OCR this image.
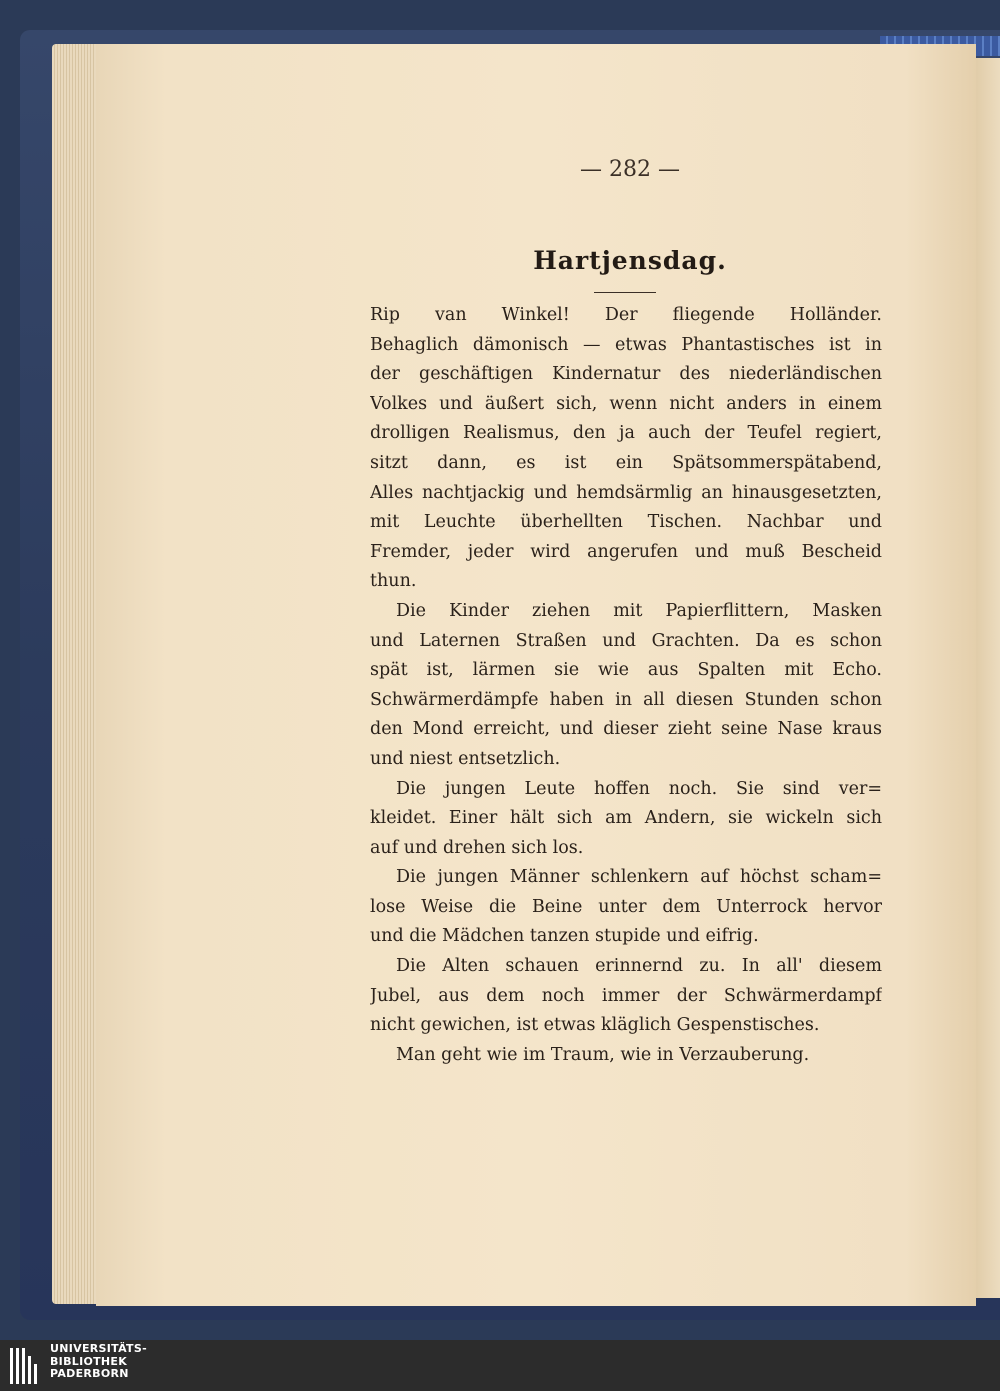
— 282 —
Hartjensdag.
Rip van Winkel! Der fliegende Holländer.
Behaglich dämonisch — etwas Phantastisches ist in
der geschäftigen Kindernatur des niederländischen
Volkes und äußert sich, wenn nicht anders in einem
drolligen Realismus, den ja auch der Teufel regiert,
sitzt dann, es ist ein Spätsommerspätabend,
Alles nachtjackig und hemdsärmlig an hinausgesetzten,
mit Leuchte überhellten Tischen. Nachbar und
Fremder, jeder wird angerufen und muß Bescheid
thun.
Die Kinder ziehen mit Papierflittern, Masken
und Laternen Straßen und Grachten. Da es schon
spät ist, lärmen sie wie aus Spalten mit Echo.
Schwärmerdämpfe haben in all diesen Stunden schon
den Mond erreicht, und dieser zieht seine Nase kraus
und niest entsetzlich.
Die jungen Leute hoffen noch. Sie sind ver=
kleidet. Einer hält sich am Andern, sie wickeln sich
auf und drehen sich los.
Die jungen Männer schlenkern auf höchst scham=
lose Weise die Beine unter dem Unterrock hervor
und die Mädchen tanzen stupide und eifrig.
Die Alten schauen erinnernd zu. In all' diesem
Jubel, aus dem noch immer der Schwärmerdampf
nicht gewichen, ist etwas kläglich Gespenstisches.
Man geht wie im Traum, wie in Verzauberung.
UNIVERSITÄTS-
BIBLIOTHEK
PADERBORN
